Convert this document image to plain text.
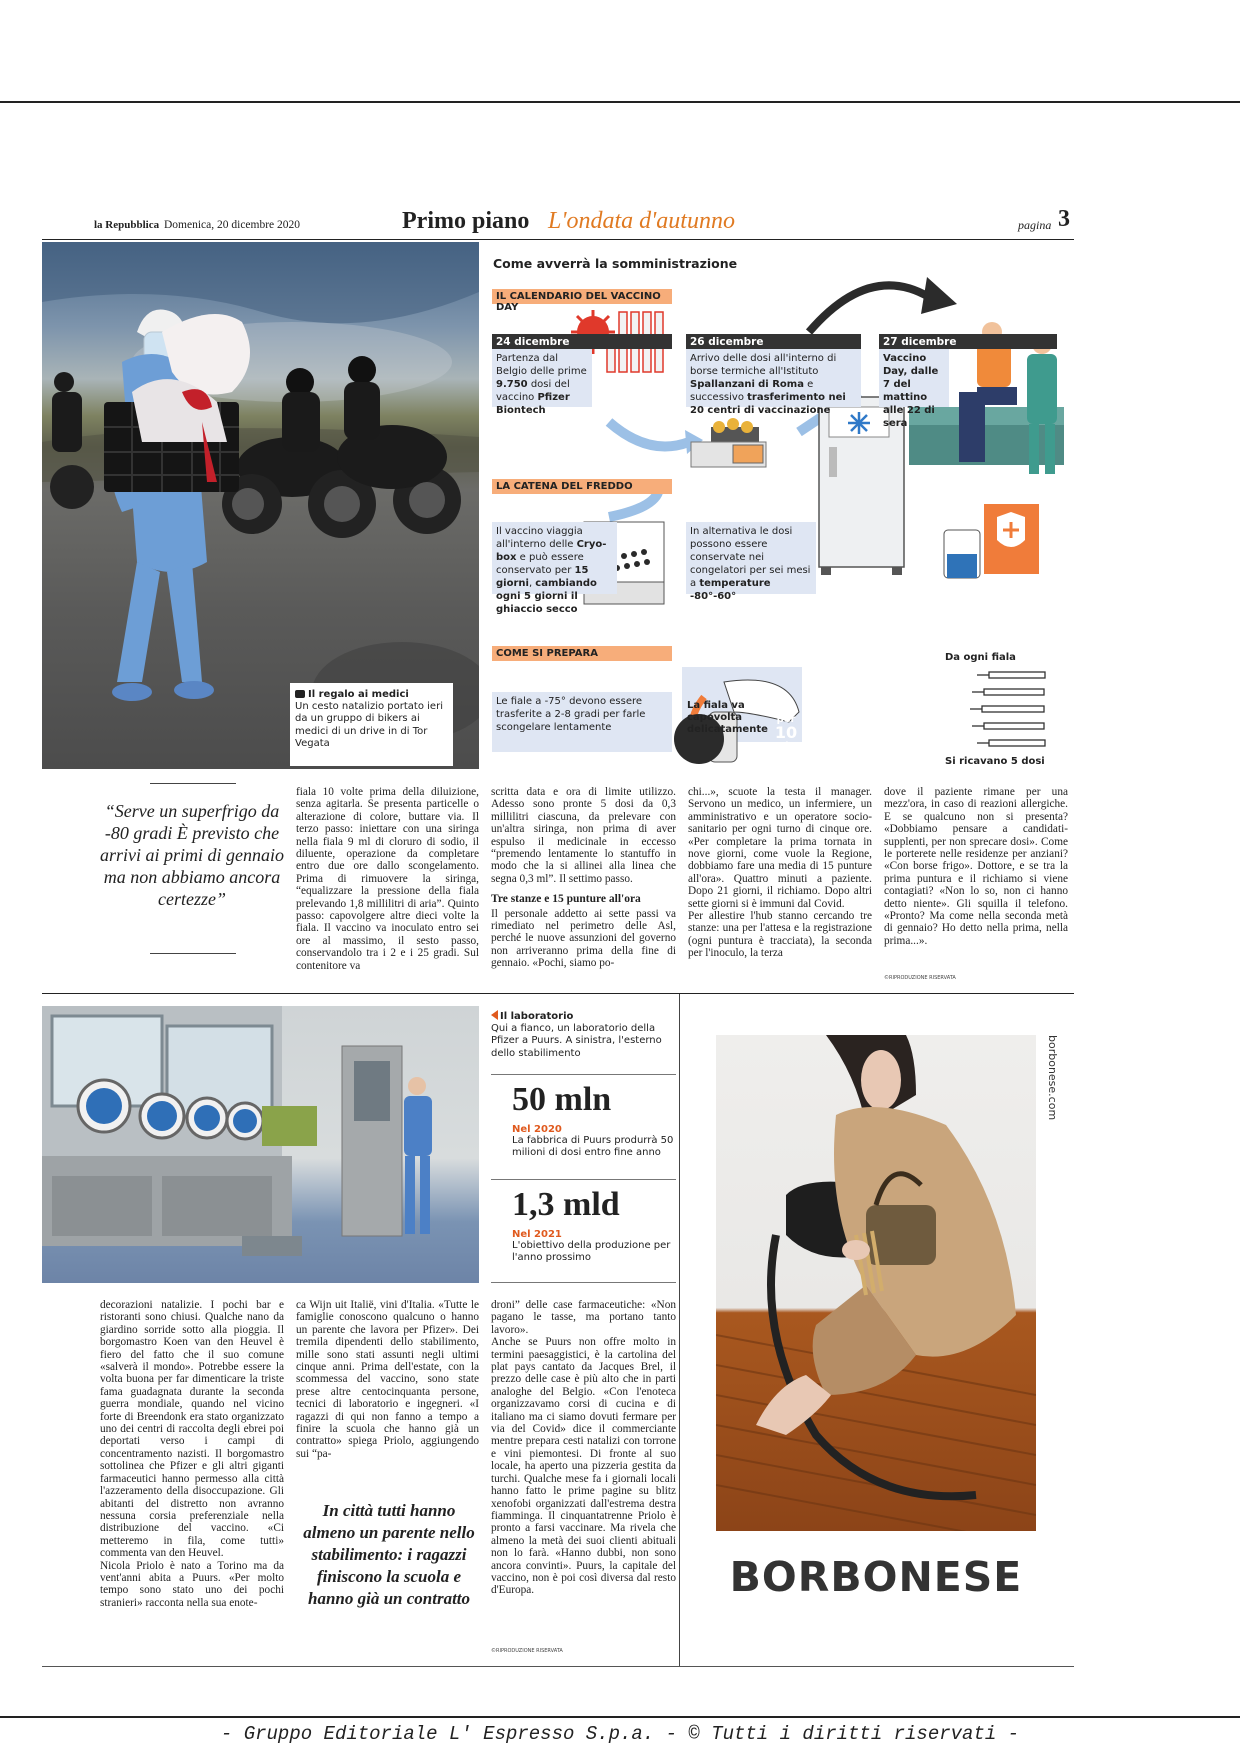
la Repubblica Domenica, 20 dicembre 2020	Primo piano L'ondata d'autunno	pagina 3
Il regalo ai medici
Un cesto natalizio portato ieri da un gruppo di bikers ai medici di un drive in di Tor Vegata
Come avverrà la somministrazione
IL CALENDARIO DEL VACCINO DAY
24 dicembre	26 dicembre	27 dicembre
Partenza dal Belgio delle prime 9.750 dosi del vaccino Pfizer Biontech
Arrivo delle dosi all'interno di borse termiche all'Istituto Spallanzani di Roma e successivo trasferimento nei 20 centri di vaccinazione
Vaccino Day, dalle 7 del mattino alle 22 di sera
LA CATENA DEL FREDDO
Il vaccino viaggia all'interno delle Cryo-box e può essere conservato per 15 giorni, cambiando ogni 5 giorni il ghiaccio secco
In alternativa le dosi possono essere conservate nei congelatori per sei mesi a temperature -80°-60°
COME SI PREPARA
Le fiale a -75° devono essere trasferite a 2-8 gradi per farle scongelare lentamente
La fiala va capovolta delicatamente
per
10
volte
Da ogni fiala
Si ricavano 5 dosi
“Serve un superfrigo da -80 gradi È previsto che arrivi ai primi di gennaio ma non abbiamo ancora certezze”

fiala 10 volte prima della diluizione, senza agitarla. Se presenta particelle o alterazione di colore, buttare via. Il terzo passo: iniettare con una siringa nella fiala 9 ml di cloruro di sodio, il diluente, operazione da completare entro due ore dallo scongelamento. Prima di rimuovere la siringa, “equalizzare la pressione della fiala prelevando 1,8 millilitri di aria”. Quinto passo: capovolgere altre dieci volte la fiala. Il vaccino va inoculato entro sei ore al massimo, il sesto passo, conservandolo tra i 2 e i 25 gradi. Sul contenitore va

scritta data e ora di limite utilizzo. Adesso sono pronte 5 dosi da 0,3 millilitri ciascuna, da prelevare con un'altra siringa, non prima di aver espulso il medicinale in eccesso “premendo lentamente lo stantuffo in modo che la si allinei alla linea che segna 0,3 ml”. Il settimo passo.

Tre stanze e 15 punture all'ora

Il personale addetto ai sette passi va rimediato nel perimetro delle Asl, perché le nuove assunzioni del governo non arriveranno prima della fine di gennaio. «Pochi, siamo po-

chi...», scuote la testa il manager. Servono un medico, un infermiere, un amministrativo e un operatore socio-sanitario per ogni turno di cinque ore. «Per completare la prima tornata in nove giorni, come vuole la Regione, dobbiamo fare una media di 15 punture all'ora». Quattro minuti a paziente. Dopo 21 giorni, il richiamo. Dopo altri sette giorni si è immuni dal Covid.
Per allestire l'hub stanno cercando tre stanze: una per l'attesa e la registrazione (ogni puntura è tracciata), la seconda per l'inoculo, la terza

dove il paziente rimane per una mezz'ora, in caso di reazioni allergiche. E se qualcuno non si presenta? «Dobbiamo pensare a candidati-supplenti, per non sprecare dosi». Come le porterete nelle residenze per anziani? «Con borse frigo». Dottore, e se tra la prima puntura e il richiamo si viene contagiati? «Non lo so, non ci hanno detto niente». Gli squilla il telefono. «Pronto? Ma come nella seconda metà di gennaio? Ho detto nella prima, nella prima...».

©RIPRODUZIONE RISERVATA
Il laboratorio
Qui a fianco, un laboratorio della Pfizer a Puurs. A sinistra, l'esterno dello stabilimento
50 mln
Nel 2020
La fabbrica di Puurs produrrà 50 milioni di dosi entro fine anno
1,3 mld
Nel 2021
L'obiettivo della produzione per l'anno prossimo

decorazioni natalizie. I pochi bar e ristoranti sono chiusi. Qualche nano da giardino sorride sotto alla pioggia. Il borgomastro Koen van den Heuvel è fiero del fatto che il suo comune «salverà il mondo». Potrebbe essere la volta buona per far dimenticare la triste fama guadagnata durante la seconda guerra mondiale, quando nel vicino forte di Breendonk era stato organizzato uno dei centri di raccolta degli ebrei poi deportati verso i campi di concentramento nazisti. Il borgomastro sottolinea che Pfizer e gli altri giganti farmaceutici hanno permesso alla città l'azzeramento della disoccupazione. Gli abitanti del distretto non avranno nessuna corsia preferenziale nella distribuzione del vaccino. «Ci metteremo in fila, come tutti» commenta van den Heuvel.
Nicola Priolo è nato a Torino ma da vent'anni abita a Puurs. «Per molto tempo sono stato uno dei pochi stranieri» racconta nella sua enote-

ca Wijn uit Italië, vini d'Italia. «Tutte le famiglie conoscono qualcuno o hanno un parente che lavora per Pfizer». Dei tremila dipendenti dello stabilimento, mille sono stati assunti negli ultimi cinque anni. Prima dell'estate, con la scommessa del vaccino, sono state prese altre centocinquanta persone, tecnici di laboratorio e ingegneri. «I ragazzi di qui non fanno a tempo a finire la scuola che hanno già un contratto» spiega Priolo, aggiungendo sui “pa-

In città tutti hanno almeno un parente nello stabilimento: i ragazzi finiscono la scuola e hanno già un contratto

droni” delle case farmaceutiche: «Non pagano le tasse, ma portano tanto lavoro».
Anche se Puurs non offre molto in termini paesaggistici, è la cartolina del plat pays cantato da Jacques Brel, il prezzo delle case è più alto che in parti analoghe del Belgio. «Con l'enoteca organizzavamo corsi di cucina e di italiano ma ci siamo dovuti fermare per via del Covid» dice il commerciante mentre prepara cesti natalizi con torrone e vini piemontesi. Di fronte al suo locale, ha aperto una pizzeria gestita da turchi. Qualche mese fa i giornali locali hanno fatto le prime pagine su blitz xenofobi organizzati dall'estrema destra fiamminga. Il cinquantatrenne Priolo è pronto a farsi vaccinare. Ma rivela che almeno la metà dei suoi clienti abituali non lo farà. «Hanno dubbi, non sono ancora convinti». Puurs, la capitale del vaccino, non è poi così diversa dal resto d'Europa.

©RIPRODUZIONE RISERVATA
borbonese.com
BORBONESE
- Gruppo Editoriale L' Espresso S.p.a. - © Tutti i diritti riservati -
